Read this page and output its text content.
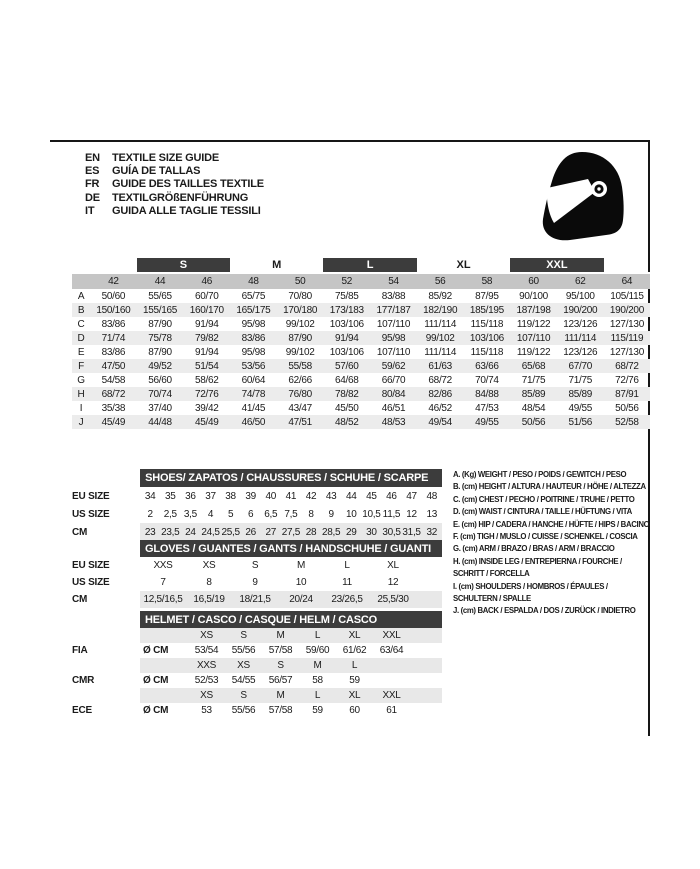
EN	TEXTILE SIZE GUIDE
ES	GUÍA DE TALLAS
FR	GUIDE DES TAILLES TEXTILE
DE	TEXTILGRÖßENFÜHRUNG
IT	GUIDA ALLE TAGLIE TESSILI
		S		M		L		XL		XXL		
	42	44	46	48	50	52	54	56	58	60	62	64
A	50/60	55/65	60/70	65/75	70/80	75/85	83/88	85/92	87/95	90/100	95/100	105/115
B	150/160	155/165	160/170	165/175	170/180	173/183	177/187	182/190	185/195	187/198	190/200	190/200
C	83/86	87/90	91/94	95/98	99/102	103/106	107/110	111/114	115/118	119/122	123/126	127/130
D	71/74	75/78	79/82	83/86	87/90	91/94	95/98	99/102	103/106	107/110	111/114	115/119
E	83/86	87/90	91/94	95/98	99/102	103/106	107/110	111/114	115/118	119/122	123/126	127/130
F	47/50	49/52	51/54	53/56	55/58	57/60	59/62	61/63	63/66	65/68	67/70	68/72
G	54/58	56/60	58/62	60/64	62/66	64/68	66/70	68/72	70/74	71/75	71/75	72/76
H	68/72	70/74	72/76	74/78	76/80	78/82	80/84	82/86	84/88	85/89	85/89	87/91
I	35/38	37/40	39/42	41/45	43/47	45/50	46/51	46/52	47/53	48/54	49/55	50/56
J	45/49	44/48	45/49	46/50	47/51	48/52	48/53	49/54	49/55	50/56	51/56	52/58
	SHOES/ ZAPATOS / CHAUSSURES / SCHUHE / SCARPE														
EU SIZE	34	35	36	37	38	39	40	41	42	43	44	45	46	47	48
US SIZE	2	2,5	3,5	4	5	6	6,5	7,5	8	9	10	10,5	11,5	12	13
CM	23	23,5	24	24,5	25,5	26	27	27,5	28	28,5	29	30	30,5	31,5	32
	GLOVES / GUANTES / GANTS / HANDSCHUHE / GUANTI						
EU SIZE	XXS	XS	S	M	L	XL	
US SIZE	7	8	9	10	11	12	
CM	12,5/16,5	16,5/19	18/21,5	20/24	23/26,5	25,5/30	
	HELMET / CASCO / CASQUE / HELM / CASCO							
		XS	S	M	L	XL	XXL	
FIA	Ø CM	53/54	55/56	57/58	59/60	61/62	63/64	
		XXS	XS	S	M	L		
CMR	Ø CM	52/53	54/55	56/57	58	59		
		XS	S	M	L	XL	XXL	
ECE	Ø CM	53	55/56	57/58	59	60	61	
A. (Kg) WEIGHT / PESO / POIDS / GEWITCH / PESO
B. (cm) HEIGHT / ALTURA / HAUTEUR / HÖHE / ALTEZZA
C. (cm) CHEST / PECHO / POITRINE / TRUHE / PETTO
D. (cm) WAIST / CINTURA / TAILLE / HÜFTUNG / VITA
E. (cm) HIP / CADERA / HANCHE / HÜFTE / HIPS / BACINO
F. (cm) TIGH / MUSLO / CUISSE / SCHENKEL / COSCIA
G. (cm) ARM / BRAZO / BRAS / ARM / BRACCIO
H. (cm) INSIDE LEG / ENTREPIERNA / FOURCHE / SCHRITT / FORCELLA
I. (cm) SHOULDERS / HOMBROS / ÉPAULES / SCHULTERN / SPALLE
J. (cm) BACK / ESPALDA / DOS / ZURÜCK / INDIETRO
